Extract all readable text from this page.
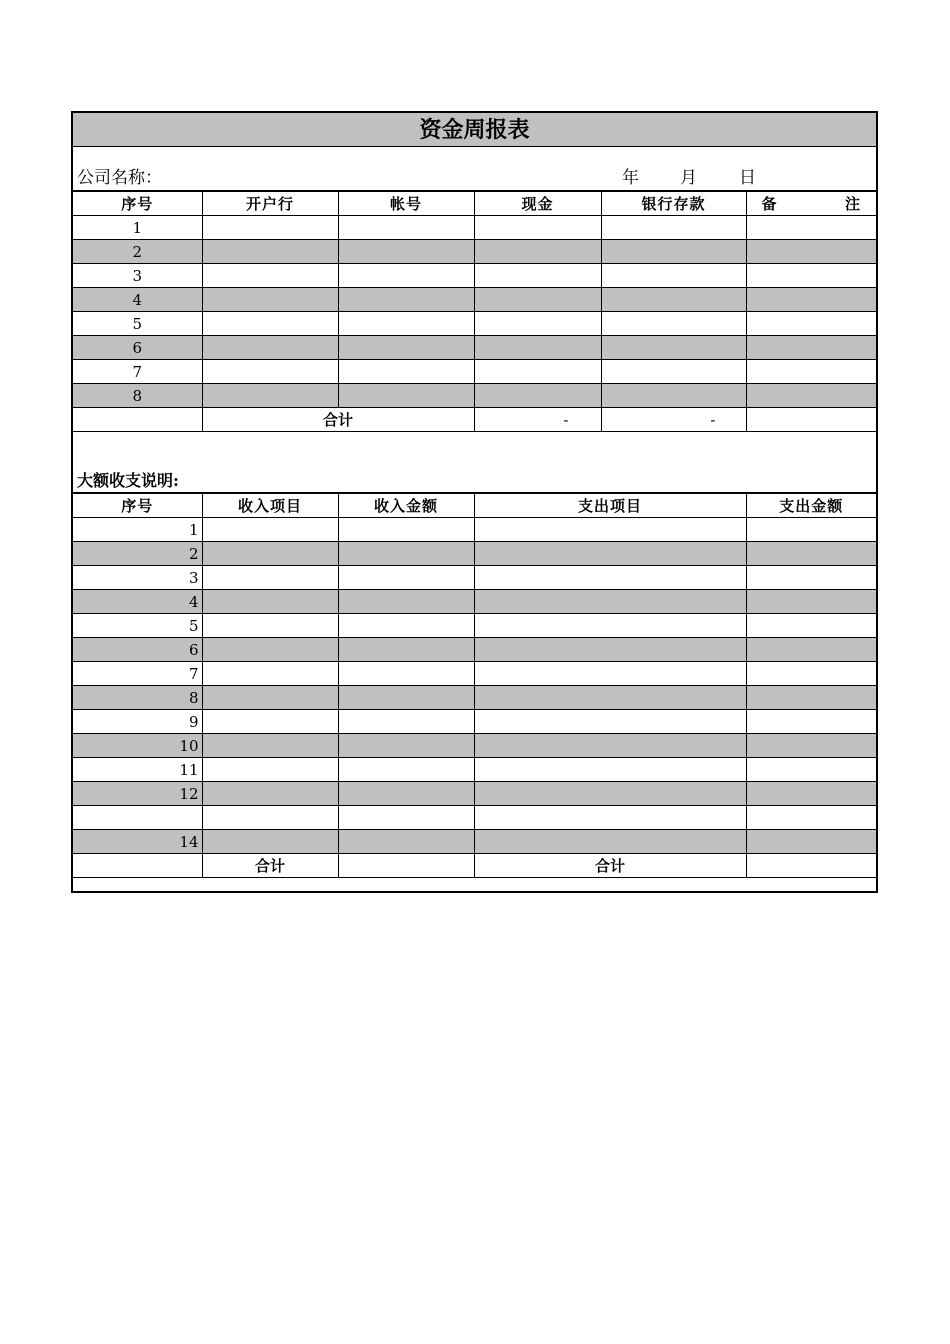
资金周报表
公司名称：	年 月 日
序号	开户行	帐号	现金	银行存款	备 注

1					
2					
3					
4					
5					
6					
7					
8					
	合计		-	-	
大额收支说明:
序号	收入项目	收入金额	支出项目	支出金额
1				
2				
3				
4				
5				
6				
7				
8				
9				
10				
11				
12				

14				
	合计		合计	
